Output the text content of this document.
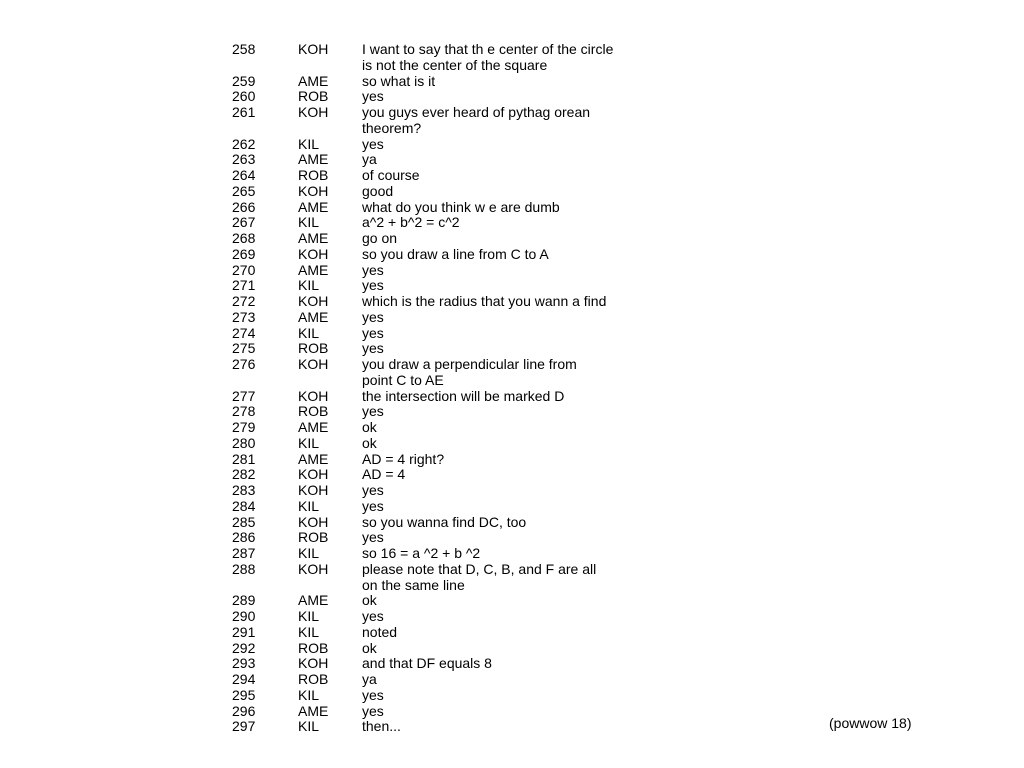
258	KOH	I want to say that th e center of the circle
is not the center of the square
259	AME	so what is it
260	ROB	yes
261	KOH	you guys ever heard of pythag orean
theorem?
262	KIL	yes
263	AME	ya
264	ROB	of course
265	KOH	good
266	AME	what do you think w e are dumb
267	KIL	a^2 + b^2 = c^2
268	AME	go on
269	KOH	so you draw a line from C to A
270	AME	yes
271	KIL	yes
272	KOH	which is the radius that you wann a find
273	AME	yes
274	KIL	yes
275	ROB	yes
276	KOH	you draw a perpendicular line from
point C to AE
277	KOH	the intersection will be marked D
278	ROB	yes
279	AME	ok
280	KIL	ok
281	AME	AD = 4 right?
282	KOH	AD = 4
283	KOH	yes
284	KIL	yes
285	KOH	so you wanna find DC, too
286	ROB	yes
287	KIL	so 16 = a ^2 + b ^2
288	KOH	please note that D, C, B, and F are all
on the same line
289	AME	ok
290	KIL	yes
291	KIL	noted
292	ROB	ok
293	KOH	and that DF equals 8
294	ROB	ya
295	KIL	yes
296	AME	yes
297	KIL	then...	(powwow 18)
